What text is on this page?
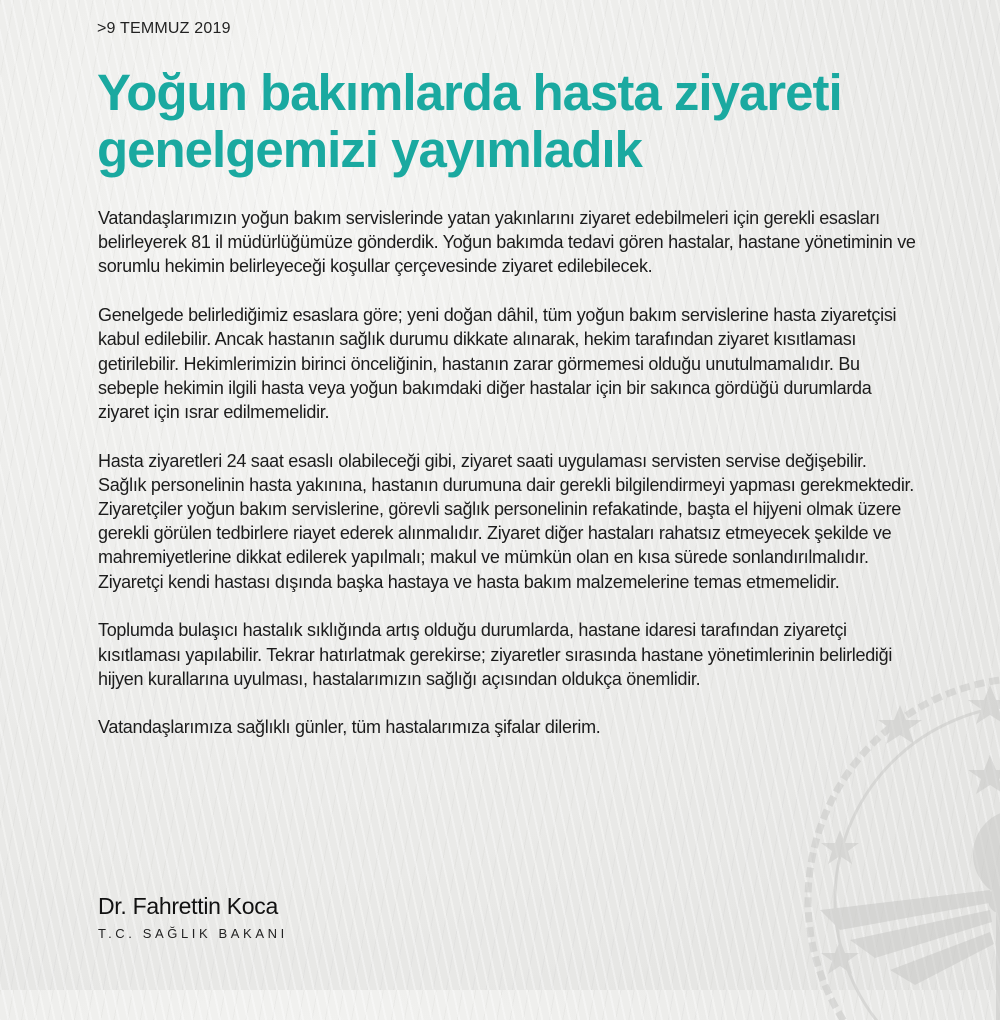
>9 TEMMUZ 2019
Yoğun bakımlarda hasta ziyareti
genelgemizi yayımladık

Vatandaşlarımızın yoğun bakım servislerinde yatan yakınlarını ziyaret edebilmeleri için gerekli esasları belirleyerek 81 il müdürlüğümüze gönderdik. Yoğun bakımda tedavi gören hastalar, hastane yönetiminin ve sorumlu hekimin belirleyeceği koşullar çerçevesinde ziyaret edilebilecek.

Genelgede belirlediğimiz esaslara göre; yeni doğan dâhil, tüm yoğun bakım servislerine hasta ziyaretçisi kabul edilebilir. Ancak hastanın sağlık durumu dikkate alınarak, hekim tarafından ziyaret kısıtlaması getirilebilir. Hekimlerimizin birinci önceliğinin, hastanın zarar görmemesi olduğu unutulmamalıdır. Bu sebeple hekimin ilgili hasta veya yoğun bakımdaki diğer hastalar için bir sakınca gördüğü durumlarda ziyaret için ısrar edilmemelidir.

Hasta ziyaretleri 24 saat esaslı olabileceği gibi, ziyaret saati uygulaması servisten servise değişebilir. Sağlık personelinin hasta yakınına, hastanın durumuna dair gerekli bilgilendirmeyi yapması gerekmektedir. Ziyaretçiler yoğun bakım servislerine, görevli sağlık personelinin refakatinde, başta el hijyeni olmak üzere gerekli görülen tedbirlere riayet ederek alınmalıdır. Ziyaret diğer hastaları rahatsız etmeyecek şekilde ve mahremiyetlerine dikkat edilerek yapılmalı; makul ve mümkün olan en kısa sürede sonlandırılmalıdır. Ziyaretçi kendi hastası dışında başka hastaya ve hasta bakım malzemelerine temas etmemelidir.

Toplumda bulaşıcı hastalık sıklığında artış olduğu durumlarda, hastane idaresi tarafından ziyaretçi kısıtlaması yapılabilir. Tekrar hatırlatmak gerekirse; ziyaretler sırasında hastane yönetimlerinin belirlediği hijyen kurallarına uyulması, hastalarımızın sağlığı açısından oldukça önemlidir.

Vatandaşlarımıza sağlıklı günler, tüm hastalarımıza şifalar dilerim.

Dr. Fahrettin Koca
T.C. SAĞLIK BAKANI
